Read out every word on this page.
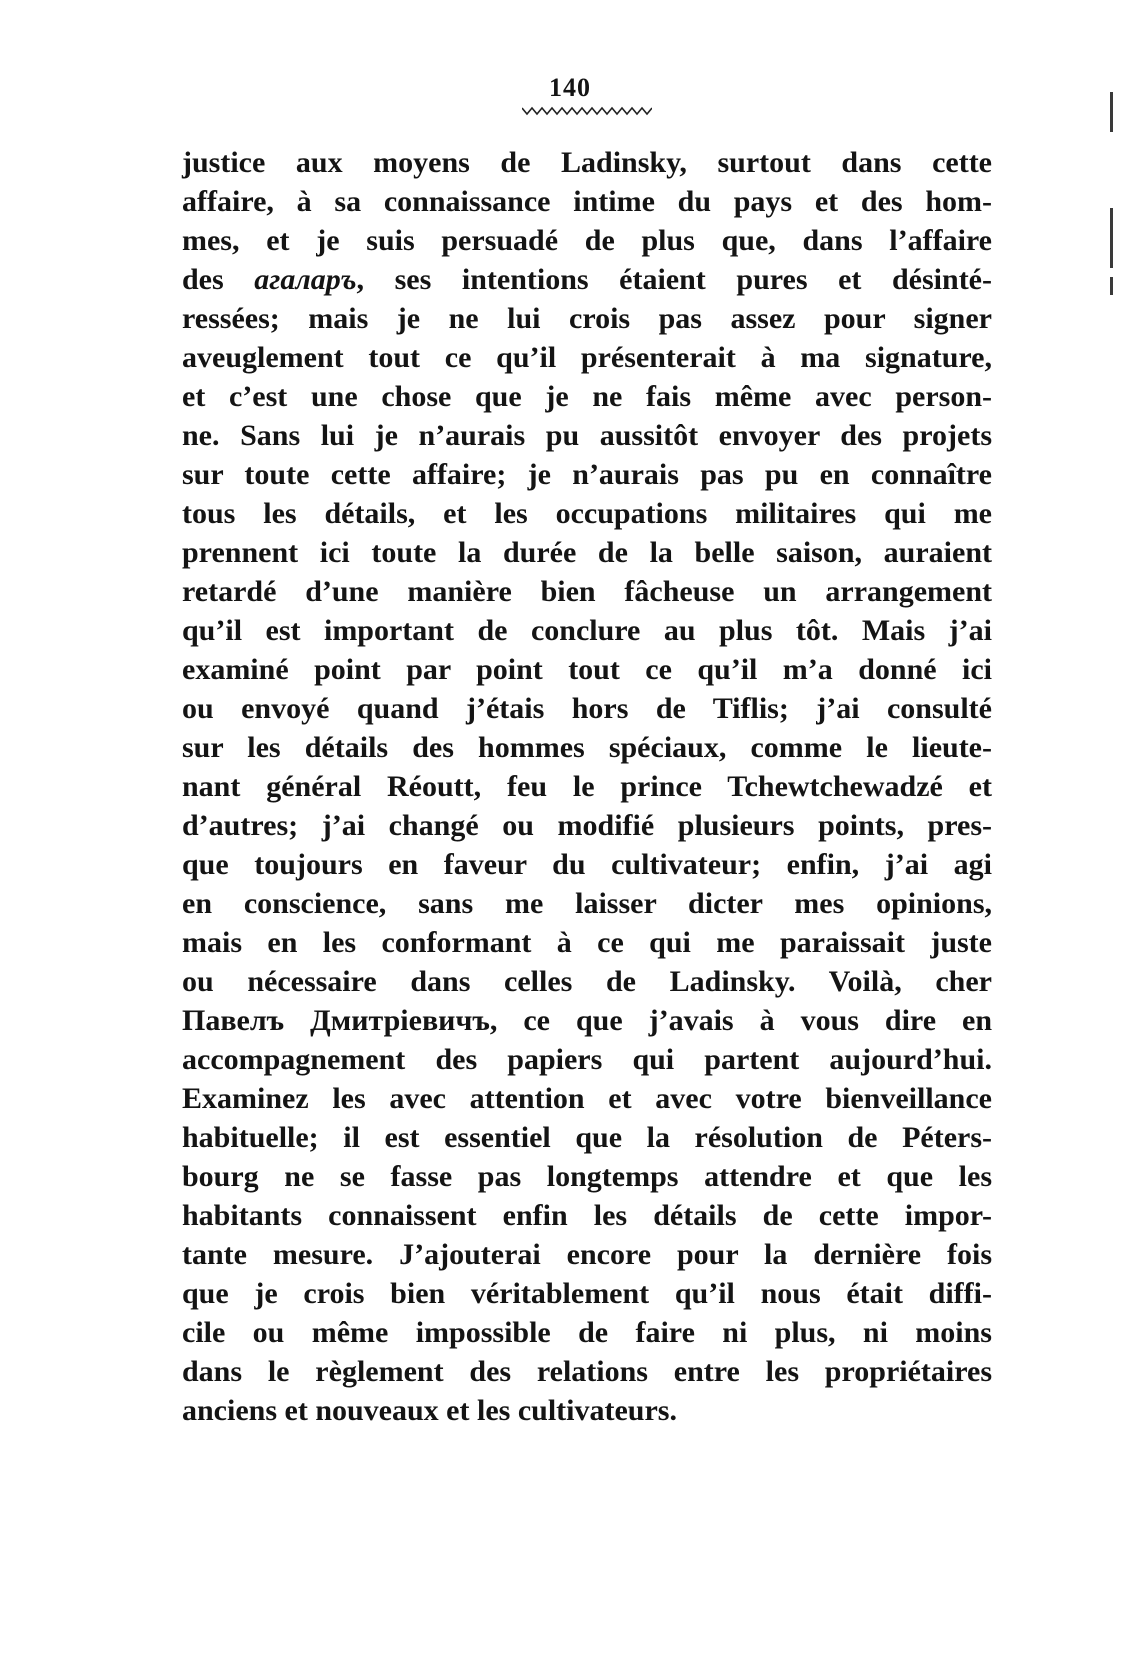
140
justice aux moyens de Ladinsky, surtout dans cette
affaire, à sa connaissance intime du pays et des hom-
mes, et je suis persuadé de plus que, dans l’affaire
des агаларъ, ses intentions étaient pures et désinté-
ressées; mais je ne lui crois pas assez pour signer
aveuglement tout ce qu’il présenterait à ma signature,
et c’est une chose que je ne fais même avec person-
ne. Sans lui je n’aurais pu aussitôt envoyer des projets
sur toute cette affaire; je n’aurais pas pu en connaître
tous les détails, et les occupations militaires qui me
prennent ici toute la durée de la belle saison, auraient
retardé d’une manière bien fâcheuse un arrangement
qu’il est important de conclure au plus tôt. Mais j’ai
examiné point par point tout ce qu’il m’a donné ici
ou envoyé quand j’étais hors de Tiflis; j’ai consulté
sur les détails des hommes spéciaux, comme le lieute-
nant général Réoutt, feu le prince Tchewtchewadzé et
d’autres; j’ai changé ou modifié plusieurs points, pres-
que toujours en faveur du cultivateur; enfin, j’ai agi
en conscience, sans me laisser dicter mes opinions,
mais en les conformant à ce qui me paraissait juste
ou nécessaire dans celles de Ladinsky. Voilà, cher
Павелъ Дмитріевичъ, ce que j’avais à vous dire en
accompagnement des papiers qui partent aujourd’hui.
Examinez les avec attention et avec votre bienveillance
habituelle; il est essentiel que la résolution de Péters-
bourg ne se fasse pas longtemps attendre et que les
habitants connaissent enfin les détails de cette impor-
tante mesure. J’ajouterai encore pour la dernière fois
que je crois bien véritablement qu’il nous était diffi-
cile ou même impossible de faire ni plus, ni moins
dans le règlement des relations entre les propriétaires
anciens et nouveaux et les cultivateurs.
